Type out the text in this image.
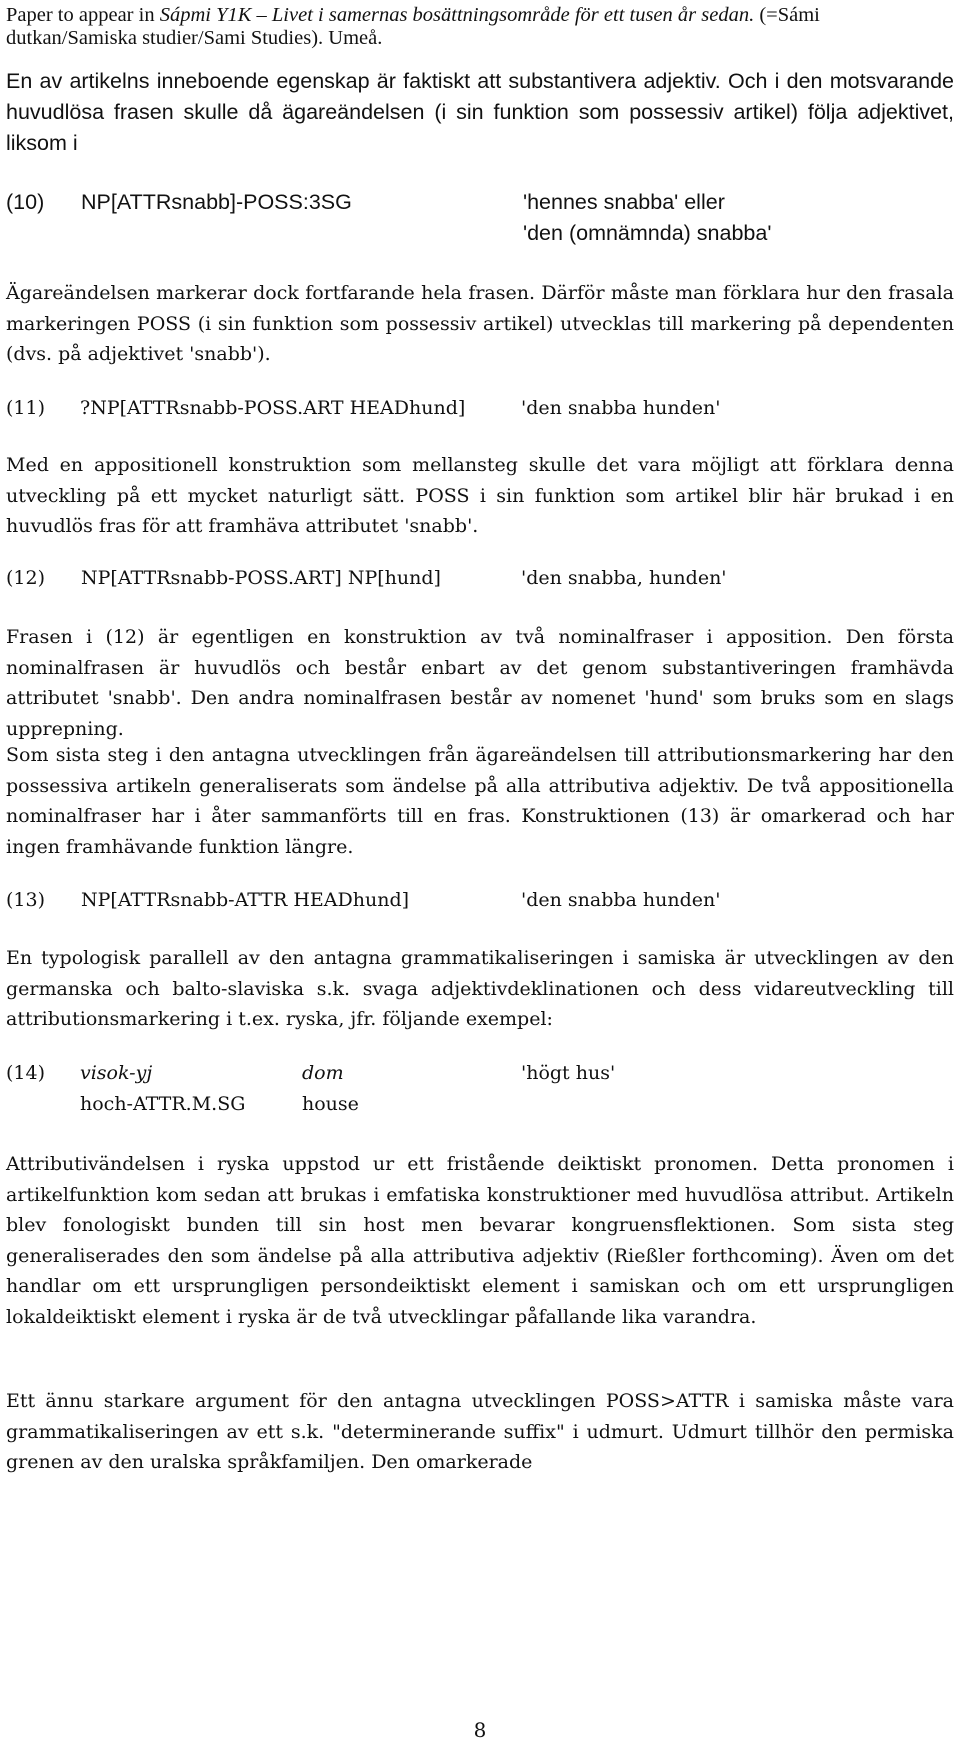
Paper to appear in Sápmi Y1K – Livet i samernas bosättningsområde för ett tusen år sedan. (=Sámi dutkan/Samiska studier/Sami Studies). Umeå.

En av artikelns inneboende egenskap är faktiskt att substantivera adjektiv. Och i den motsvarande huvudlösa frasen skulle då ägareändelsen (i sin funktion som possessiv artikel) följa adjektivet, liksom i

(10) NP[ATTRsnabb]-POSS:3SG	'hennes snabba' eller
'den (omnämnda) snabba'

Ägareändelsen markerar dock fortfarande hela frasen. Därför måste man förklara hur den frasala markeringen POSS (i sin funktion som possessiv artikel) utvecklas till markering på dependenten (dvs. på adjektivet 'snabb').

(11) ?NP[ATTRsnabb-POSS.ART HEADhund]	'den snabba hunden'

Med en appositionell konstruktion som mellansteg skulle det vara möjligt att förklara denna utveckling på ett mycket naturligt sätt. POSS i sin funktion som artikel blir här brukad i en huvudlös fras för att framhäva attributet 'snabb'.

(12) NP[ATTRsnabb-POSS.ART] NP[hund]	'den snabba, hunden'

Frasen i (12) är egentligen en konstruktion av två nominalfraser i apposition. Den första nominalfrasen är huvudlös och består enbart av det genom substantiveringen framhävda attributet 'snabb'. Den andra nominalfrasen består av nomenet 'hund' som bruks som en slags upprepning.

Som sista steg i den antagna utvecklingen från ägareändelsen till attributionsmarkering har den possessiva artikeln generaliserats som ändelse på alla attributiva adjektiv. De två appositionella nominalfraser har i åter sammanförts till en fras. Konstruktionen (13) är omarkerad och har ingen framhävande funktion längre.

(13) NP[ATTRsnabb-ATTR HEADhund]	'den snabba hunden'

En typologisk parallell av den antagna grammatikaliseringen i samiska är utvecklingen av den germanska och balto-slaviska s.k. svaga adjektivdeklinationen och dess vidareutveckling till attributionsmarkering i t.ex. ryska, jfr. följande exempel:

(14) visok-yj	dom	'högt hus'
hoch-ATTR.M.SG	house

Attributivändelsen i ryska uppstod ur ett fristående deiktiskt pronomen. Detta pronomen i artikelfunktion kom sedan att brukas i emfatiska konstruktioner med huvudlösa attribut. Artikeln blev fonologiskt bunden till sin host men bevarar kongruensflektionen. Som sista steg generaliserades den som ändelse på alla attributiva adjektiv (Rießler forthcoming). Även om det handlar om ett ursprungligen persondeiktiskt element i samiskan och om ett ursprungligen lokaldeiktiskt element i ryska är de två utvecklingar påfallande lika varandra.

Ett ännu starkare argument för den antagna utvecklingen POSS>ATTR i samiska måste vara grammatikaliseringen av ett s.k. "determinerande suffix" i udmurt. Udmurt tillhör den permiska grenen av den uralska språkfamiljen. Den omarkerade

8
